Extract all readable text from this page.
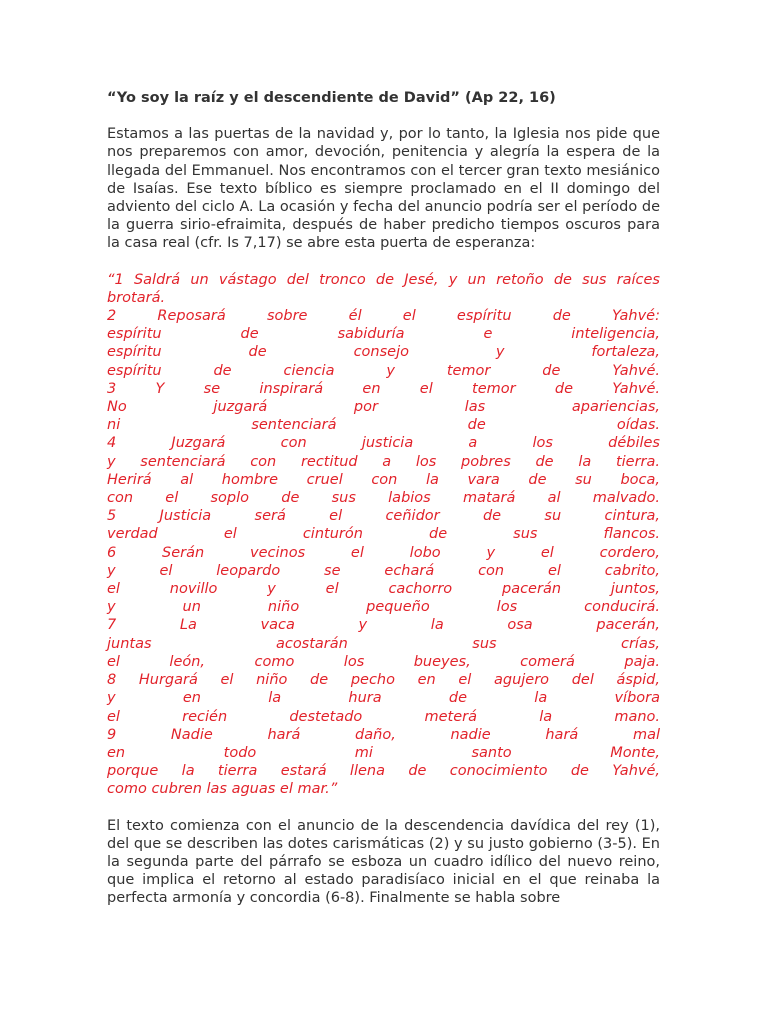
“Yo soy la raíz y el descendiente de David” (Ap 22, 16)

Estamos a las puertas de la navidad y, por lo tanto, la Iglesia nos pide que nos preparemos con amor, devoción, penitencia y alegría la espera de la llegada del Emmanuel. Nos encontramos con el tercer gran texto mesiánico de Isaías. Ese texto bíblico es siempre proclamado en el II domingo del adviento del ciclo A. La ocasión y fecha del anuncio podría ser el período de la guerra sirio-efraimita, después de haber predicho tiempos oscuros para la casa real (cfr. Is 7,17) se abre esta puerta de esperanza:

“1 Saldrá un vástago del tronco de Jesé, y un retoño de sus raíces
brotará.
2 Reposará sobre él el espíritu de Yahvé:
espíritu de sabiduría e inteligencia,
espíritu de consejo y fortaleza,
espíritu de ciencia y temor de Yahvé.
3 Y se inspirará en el temor de Yahvé.
No juzgará por las apariencias,
ni sentenciará de oídas.
4 Juzgará con justicia a los débiles
y sentenciará con rectitud a los pobres de la tierra.
Herirá al hombre cruel con la vara de su boca,
con el soplo de sus labios matará al malvado.
5 Justicia será el ceñidor de su cintura,
verdad el cinturón de sus flancos.
6 Serán vecinos el lobo y el cordero,
y el leopardo se echará con el cabrito,
el novillo y el cachorro pacerán juntos,
y un niño pequeño los conducirá.
7 La vaca y la osa pacerán,
juntas acostarán sus crías,
el león, como los bueyes, comerá paja.
8 Hurgará el niño de pecho en el agujero del áspid,
y en la hura de la víbora
el recién destetado meterá la mano.
9 Nadie hará daño, nadie hará mal
en todo mi santo Monte,
porque la tierra estará llena de conocimiento de Yahvé,
como cubren las aguas el mar.”

El texto comienza con el anuncio de la descendencia davídica del rey (1), del que se describen las dotes carismáticas (2) y su justo gobierno (3-5). En la segunda parte del párrafo se esboza un cuadro idílico del nuevo reino, que implica el retorno al estado paradisíaco inicial en el que reinaba la perfecta armonía y concordia (6-8). Finalmente se habla sobre
